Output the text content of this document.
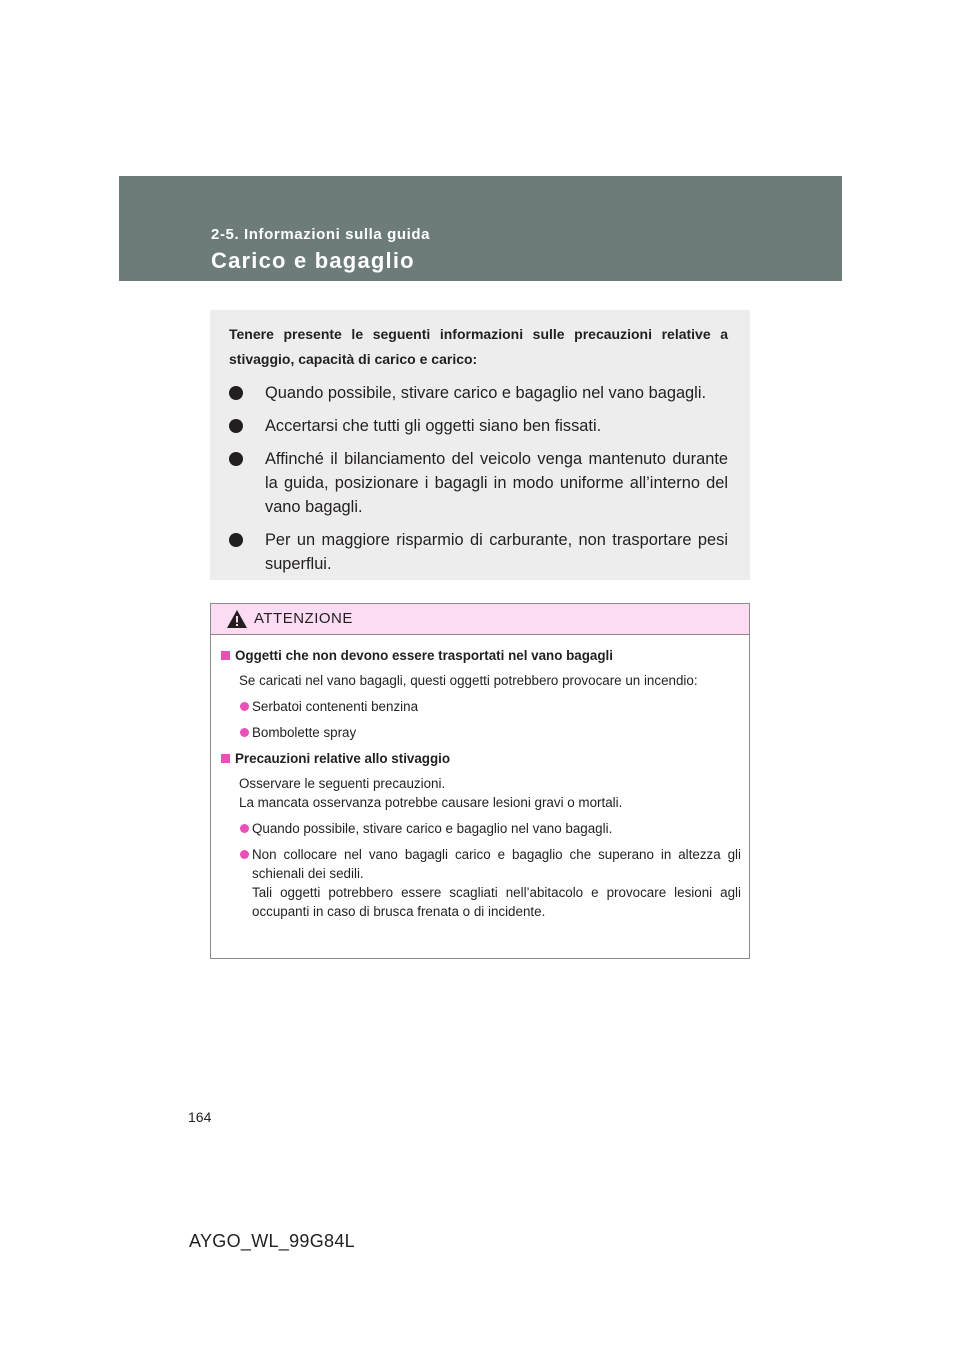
2-5. Informazioni sulla guida
Carico e bagaglio

Tenere presente le seguenti informazioni sulle precauzioni relative a stivaggio, capacità di carico e carico:

Quando possibile, stivare carico e bagaglio nel vano bagagli.
Accertarsi che tutti gli oggetti siano ben fissati.
Affinché il bilanciamento del veicolo venga mantenuto durante la guida, posizionare i bagagli in modo uniforme all’interno del vano bagagli.
Per un maggiore risparmio di carburante, non trasportare pesi superflui.
ATTENZIONE
Oggetti che non devono essere trasportati nel vano bagagli
Se caricati nel vano bagagli, questi oggetti potrebbero provocare un incendio:
Serbatoi contenenti benzina
Bombolette spray
Precauzioni relative allo stivaggio
Osservare le seguenti precauzioni.
La mancata osservanza potrebbe causare lesioni gravi o mortali.
Quando possibile, stivare carico e bagaglio nel vano bagagli.
Non collocare nel vano bagagli carico e bagaglio che superano in altezza gli schienali dei sedili.
Tali oggetti potrebbero essere scagliati nell’abitacolo e provocare lesioni agli occupanti in caso di brusca frenata o di incidente.
164
AYGO_WL_99G84L
